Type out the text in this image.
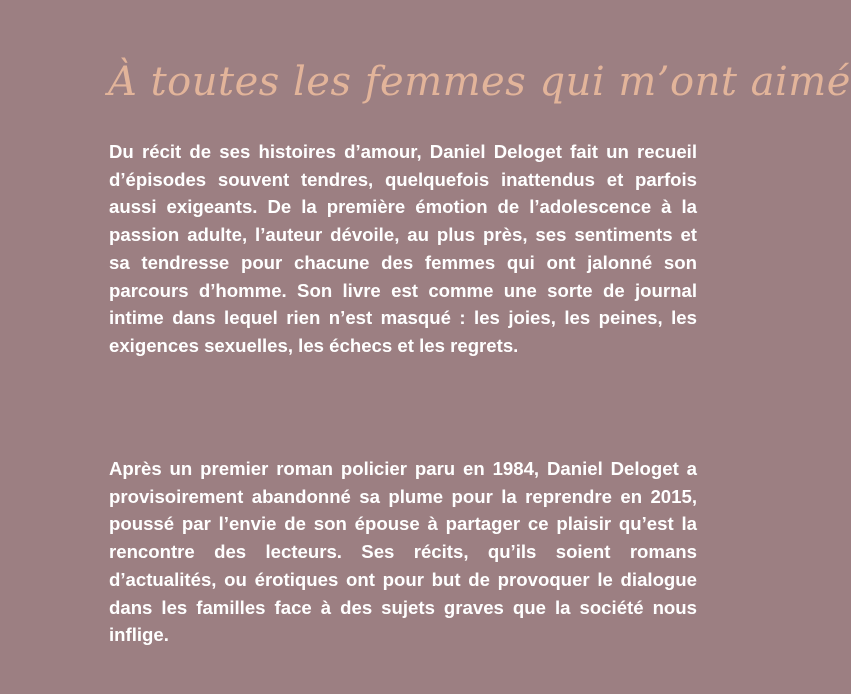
À toutes les femmes qui m’ont aimé

Du récit de ses histoires d’amour, Daniel Deloget fait un recueil d’épisodes souvent tendres, quelquefois inattendus et parfois aussi exigeants. De la première émotion de l’adolescence à la passion adulte, l’auteur dévoile, au plus près, ses sentiments et sa tendresse pour chacune des femmes qui ont jalonné son parcours d’homme. Son livre est comme une sorte de journal intime dans lequel rien n’est masqué : les joies, les peines, les exigences sexuelles, les échecs et les regrets.

Après un premier roman policier paru en 1984, Daniel Deloget a provisoirement abandonné sa plume pour la reprendre en 2015, poussé par l’envie de son épouse à partager ce plaisir qu’est la rencontre des lecteurs. Ses récits, qu’ils soient romans d’actualités, ou érotiques ont pour but de provoquer le dialogue dans les familles face à des sujets graves que la société nous inflige.
